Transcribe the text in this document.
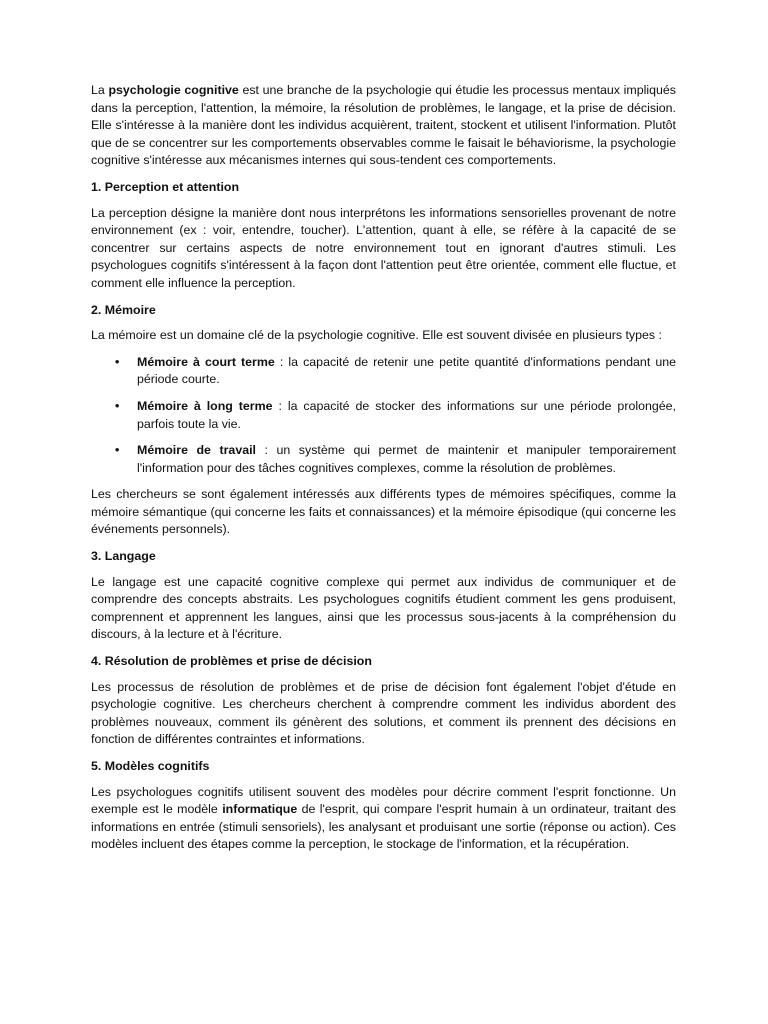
La psychologie cognitive est une branche de la psychologie qui étudie les processus mentaux impliqués dans la perception, l'attention, la mémoire, la résolution de problèmes, le langage, et la prise de décision. Elle s'intéresse à la manière dont les individus acquièrent, traitent, stockent et utilisent l'information. Plutôt que de se concentrer sur les comportements observables comme le faisait le béhaviorisme, la psychologie cognitive s'intéresse aux mécanismes internes qui sous-tendent ces comportements.

1. Perception et attention

La perception désigne la manière dont nous interprétons les informations sensorielles provenant de notre environnement (ex : voir, entendre, toucher). L'attention, quant à elle, se réfère à la capacité de se concentrer sur certains aspects de notre environnement tout en ignorant d'autres stimuli. Les psychologues cognitifs s'intéressent à la façon dont l'attention peut être orientée, comment elle fluctue, et comment elle influence la perception.

2. Mémoire

La mémoire est un domaine clé de la psychologie cognitive. Elle est souvent divisée en plusieurs types :

• Mémoire à court terme : la capacité de retenir une petite quantité d'informations pendant une période courte.
• Mémoire à long terme : la capacité de stocker des informations sur une période prolongée, parfois toute la vie.
• Mémoire de travail : un système qui permet de maintenir et manipuler temporairement l'information pour des tâches cognitives complexes, comme la résolution de problèmes.

Les chercheurs se sont également intéressés aux différents types de mémoires spécifiques, comme la mémoire sémantique (qui concerne les faits et connaissances) et la mémoire épisodique (qui concerne les événements personnels).

3. Langage

Le langage est une capacité cognitive complexe qui permet aux individus de communiquer et de comprendre des concepts abstraits. Les psychologues cognitifs étudient comment les gens produisent, comprennent et apprennent les langues, ainsi que les processus sous-jacents à la compréhension du discours, à la lecture et à l'écriture.

4. Résolution de problèmes et prise de décision

Les processus de résolution de problèmes et de prise de décision font également l'objet d'étude en psychologie cognitive. Les chercheurs cherchent à comprendre comment les individus abordent des problèmes nouveaux, comment ils génèrent des solutions, et comment ils prennent des décisions en fonction de différentes contraintes et informations.

5. Modèles cognitifs

Les psychologues cognitifs utilisent souvent des modèles pour décrire comment l'esprit fonctionne. Un exemple est le modèle informatique de l'esprit, qui compare l'esprit humain à un ordinateur, traitant des informations en entrée (stimuli sensoriels), les analysant et produisant une sortie (réponse ou action). Ces modèles incluent des étapes comme la perception, le stockage de l'information, et la récupération.
